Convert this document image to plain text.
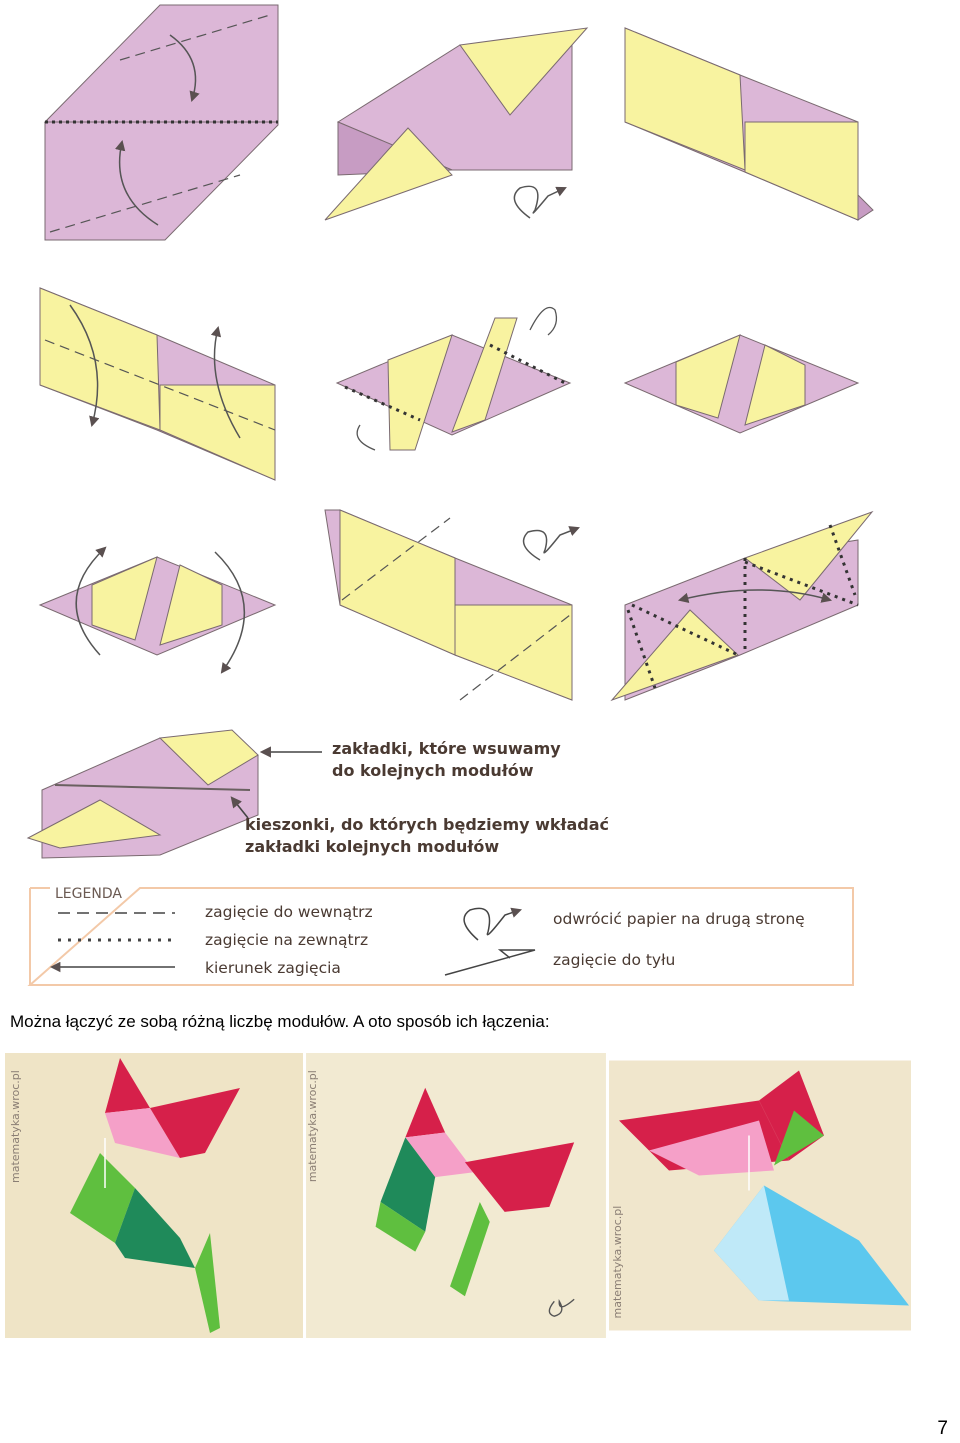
zakładki, które wsuwamy
do kolejnych modułów
kieszonki, do których będziemy wkładać
zakładki kolejnych modułów
LEGENDA
zagięcie do wewnątrz
zagięcie na zewnątrz
kierunek zagięcia
odwrócić papier na drugą stronę
zagięcie do tyłu
Można łączyć ze sobą różną liczbę modułów. A oto sposób ich łączenia:
matematyka.wroc.pl	matematyka.wroc.pl
matematyka.wroc.pl
7
